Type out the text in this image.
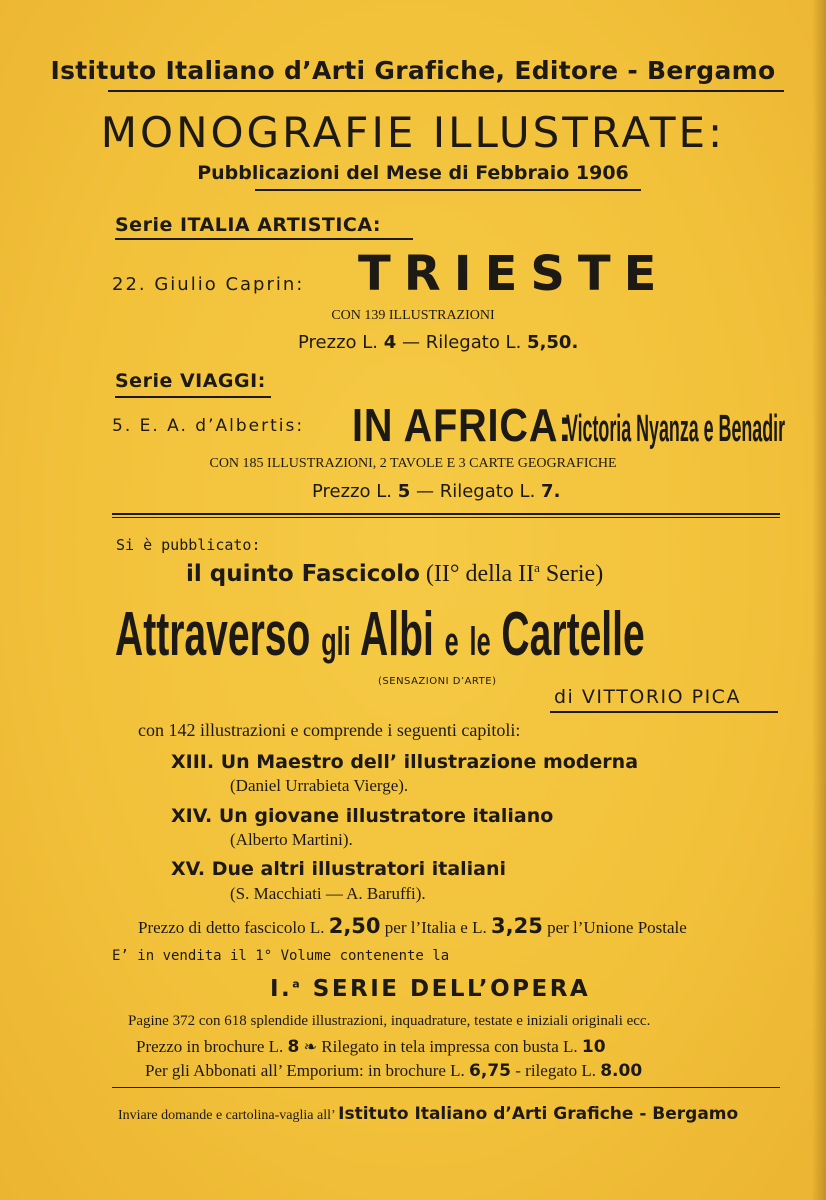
Istituto Italiano d’Arti Grafiche, Editore - Bergamo
MONOGRAFIE ILLUSTRATE:
Pubblicazioni del Mese di Febbraio 1906
Serie ITALIA ARTISTICA:
22. Giulio Caprin: TRIESTE
CON 139 ILLUSTRAZIONI
Prezzo L. 4 — Rilegato L. 5,50.
Serie VIAGGI:
5. E. A. d’Albertis: IN AFRICA:
Victoria Nyanza e Benadir
CON 185 ILLUSTRAZIONI, 2 TAVOLE E 3 CARTE GEOGRAFICHE
Prezzo L. 5 — Rilegato L. 7.
Si è pubblicato:
il quinto Fascicolo (II° della $II^a$ Serie)
Attraverso gli Albi e le Cartelle
(SENSAZIONI D’ARTE)
di VITTORIO PICA
con 142 illustrazioni e comprende i seguenti capitoli:
XIII. Un Maestro dell’ illustrazione moderna
(Daniel Urrabieta Vierge).
XIV. Un giovane illustratore italiano
(Alberto Martini).
XV. Due altri illustratori italiani
(S. Macchiati — A. Baruffi).
Prezzo di detto fascicolo L. 2,50 per l’Italia e L. 3,25 per l’Unione Postale
E’ in vendita il 1° Volume contenente la
I.$^a$ SERIE DELL’OPERA
Pagine 372 con 618 splendide illustrazioni, inquadrature, testate e iniziali originali ecc.
Prezzo in brochure L. 8 ❧ Rilegato in tela impressa con busta L. 10
Per gli Abbonati all’ Emporium: in brochure L. 6,75 - rilegato L. 8.00
Inviare domande e cartolina-vaglia all’ Istituto Italiano d’Arti Grafiche - Bergamo
